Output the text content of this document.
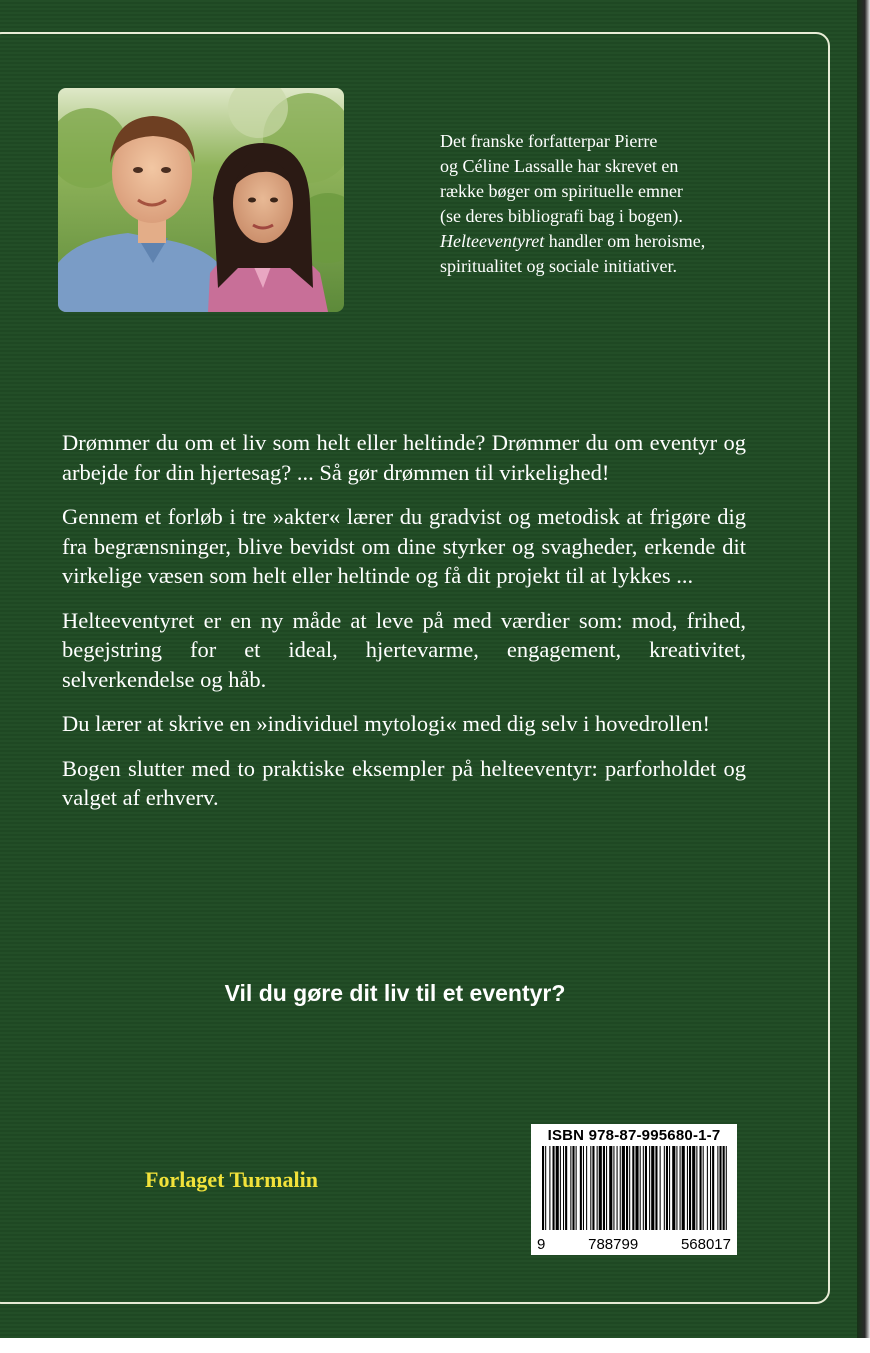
Det franske forfatterpar Pierre
og Céline Lassalle har skrevet en
række bøger om spirituelle emner
(se deres bibliografi bag i bogen).
Helteeventyret handler om heroisme,
spiritualitet og sociale initiativer.

Drømmer du om et liv som helt eller heltinde? Drømmer du om eventyr og arbejde for din hjertesag? ... Så gør drømmen til virkelighed!

Gennem et forløb i tre »akter« lærer du gradvist og metodisk at frigøre dig fra begrænsninger, blive bevidst om dine styrker og svagheder, erkende dit virkelige væsen som helt eller heltinde og få dit projekt til at lykkes ...

Helteeventyret er en ny måde at leve på med værdier som: mod, frihed, begejstring for et ideal, hjertevarme, engagement, kreativitet, selverkendelse og håb.

Du lærer at skrive en »individuel mytologi« med dig selv i hovedrollen!

Bogen slutter med to praktiske eksempler på helteeventyr: parforholdet og valget af erhverv.

Vil du gøre dit liv til et eventyr?
Forlaget Turmalin
ISBN 978-87-995680-1-7
9	788799	568017
